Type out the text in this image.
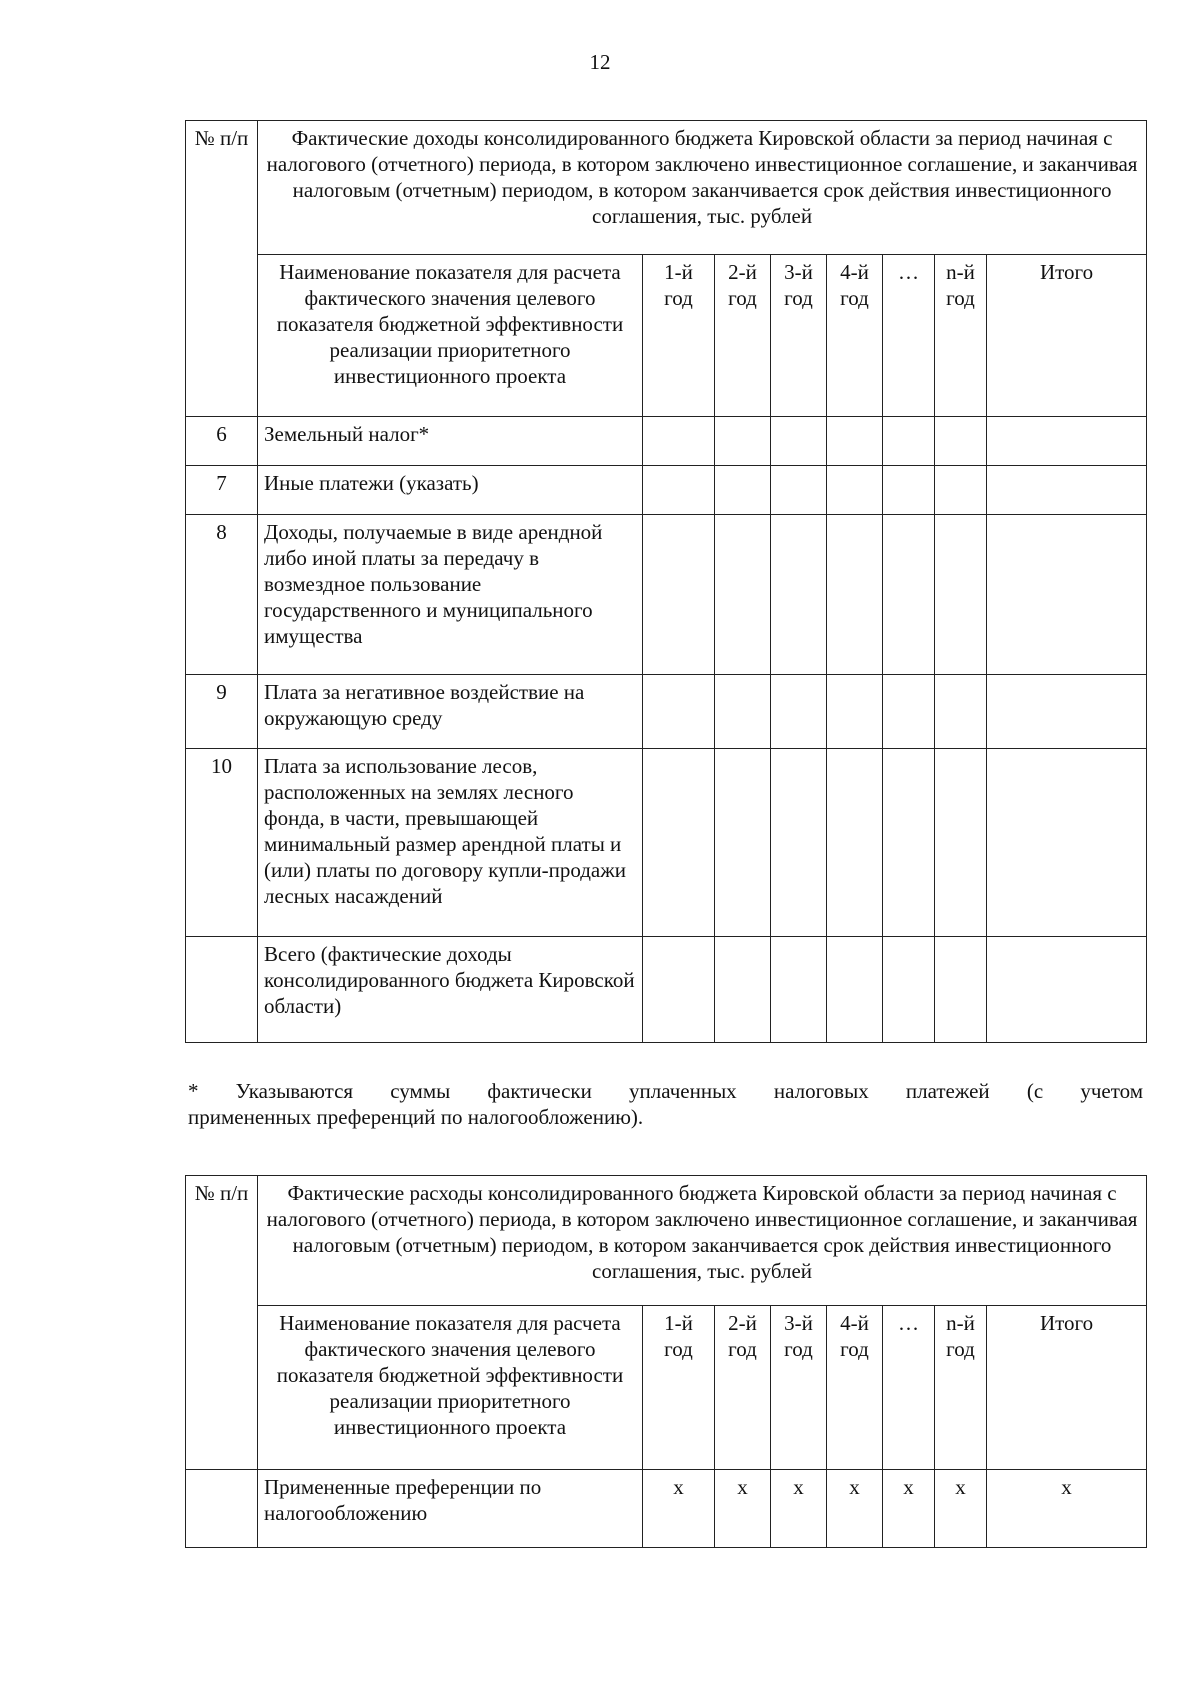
12
№ п/п	Фактические доходы консолидированного бюджета Кировской области за период начиная с налогового (отчетного) периода, в котором заключено инвестиционное соглашение, и заканчивая налоговым (отчетным) периодом, в котором заканчивается срок действия инвестиционного соглашения, тыс. рублей							
	Наименование показателя для расчета фактического значения целевого показателя бюджетной эффективности реализации приоритетного инвестиционного проекта	1-й год	2-й год	3-й год	4-й год	…	n-й год	Итого
6	Земельный налог*							
7	Иные платежи (указать)							
8	Доходы, получаемые в виде арендной либо иной платы за передачу в возмездное пользование государственного и муниципального имущества							
9	Плата за негативное воздействие на окружающую среду							
10	Плата за использование лесов, расположенных на землях лесного фонда, в части, превышающей минимальный размер арендной платы и (или) платы по договору купли-продажи лесных насаждений							
	Всего (фактические доходы консолидированного бюджета Кировской области)							
* Указываются суммы фактически уплаченных налоговых платежей (с учетом
примененных преференций по налогообложению).
№ п/п	Фактические расходы консолидированного бюджета Кировской области за период начиная с налогового (отчетного) периода, в котором заключено инвестиционное соглашение, и заканчивая налоговым (отчетным) периодом, в котором заканчивается срок действия инвестиционного соглашения, тыс. рублей							
	Наименование показателя для расчета фактического значения целевого показателя бюджетной эффективности реализации приоритетного инвестиционного проекта	1-й год	2-й год	3-й год	4-й год	…	n-й год	Итого
	Примененные преференции по налогообложению	х	х	х	х	х	х	х
